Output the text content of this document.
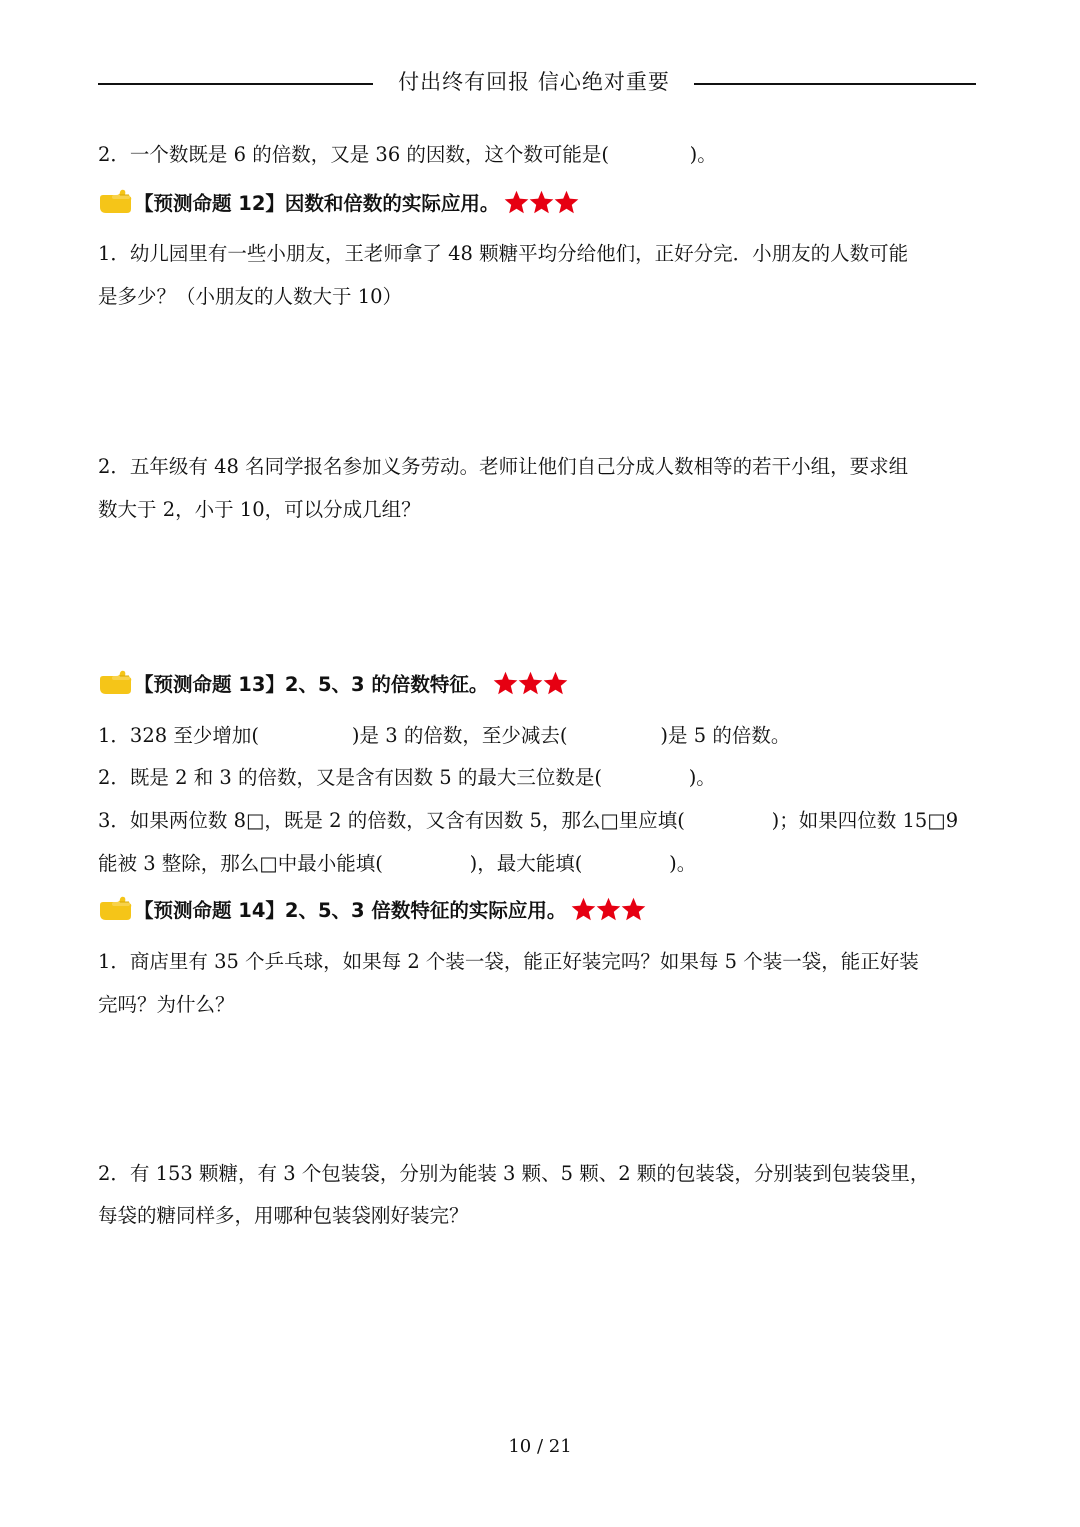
付出终有回报 信心绝对重要
2．一个数既是 6 的倍数，又是 36 的因数，这个数可能是(             )。
【预测命题 12】因数和倍数的实际应用。
1．幼儿园里有一些小朋友，王老师拿了 48 颗糖平均分给他们，正好分完．小朋友的人数可能
是多少？（小朋友的人数大于 10）
2．五年级有 48 名同学报名参加义务劳动。老师让他们自己分成人数相等的若干小组，要求组
数大于 2，小于 10，可以分成几组？
【预测命题 13】2、5、3 的倍数特征。
1．328 至少增加(               )是 3 的倍数，至少减去(               )是 5 的倍数。
2．既是 2 和 3 的倍数，又是含有因数 5 的最大三位数是(              )。
3．如果两位数 8□，既是 2 的倍数，又含有因数 5，那么□里应填(              )；如果四位数 15□9
能被 3 整除，那么□中最小能填(              )，最大能填(              )。
【预测命题 14】2、5、3 倍数特征的实际应用。
1．商店里有 35 个乒乓球，如果每 2 个装一袋，能正好装完吗？如果每 5 个装一袋，能正好装
完吗？为什么？
2．有 153 颗糖，有 3 个包装袋，分别为能装 3 颗、5 颗、2 颗的包装袋，分别装到包装袋里，
每袋的糖同样多，用哪种包装袋刚好装完？
10 / 21
